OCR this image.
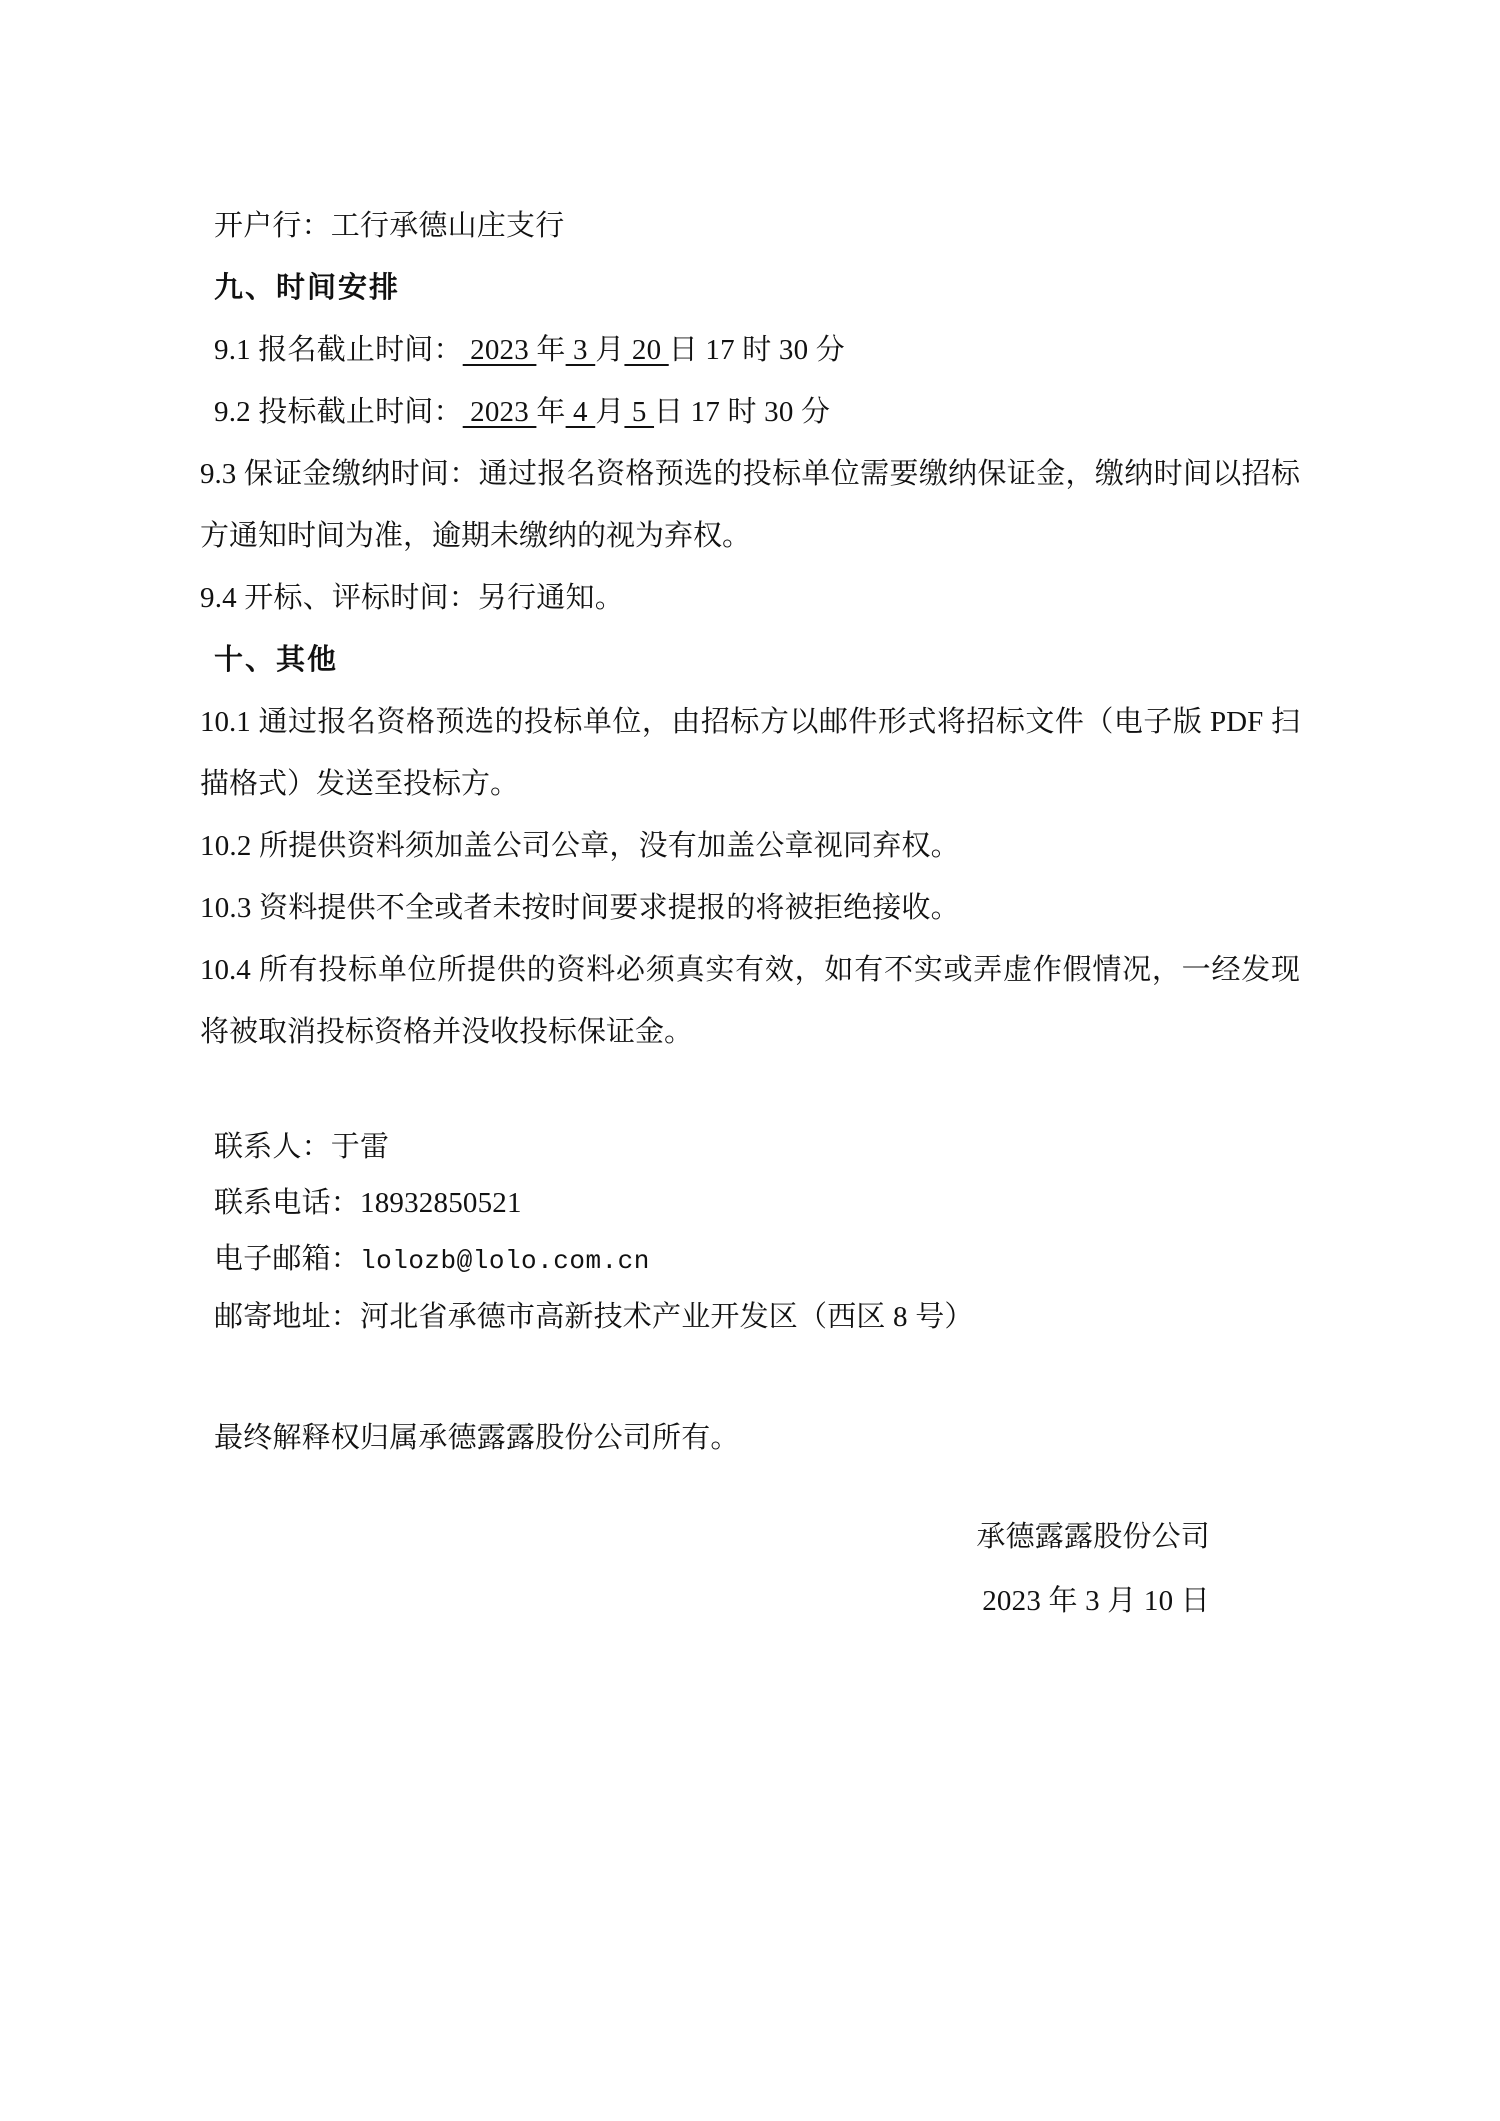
开户行：工行承德山庄支行
九、时间安排
9.1 报名截止时间： 2023 年 3 月 20 日 17 时 30 分
9.2 投标截止时间： 2023 年 4 月 5 日 17 时 30 分
9.3 保证金缴纳时间：通过报名资格预选的投标单位需要缴纳保证金，缴纳时间以招标方通知时间为准，逾期未缴纳的视为弃权。
9.4 开标、评标时间：另行通知。
十、其他
10.1 通过报名资格预选的投标单位，由招标方以邮件形式将招标文件（电子版 PDF 扫描格式）发送至投标方。
10.2 所提供资料须加盖公司公章，没有加盖公章视同弃权。
10.3 资料提供不全或者未按时间要求提报的将被拒绝接收。
10.4 所有投标单位所提供的资料必须真实有效，如有不实或弄虚作假情况，一经发现将被取消投标资格并没收投标保证金。
联系人：于雷
联系电话：18932850521
电子邮箱：lolozb@lolo.com.cn
邮寄地址：河北省承德市高新技术产业开发区（西区 8 号）
最终解释权归属承德露露股份公司所有。
承德露露股份公司
2023 年 3 月 10 日
